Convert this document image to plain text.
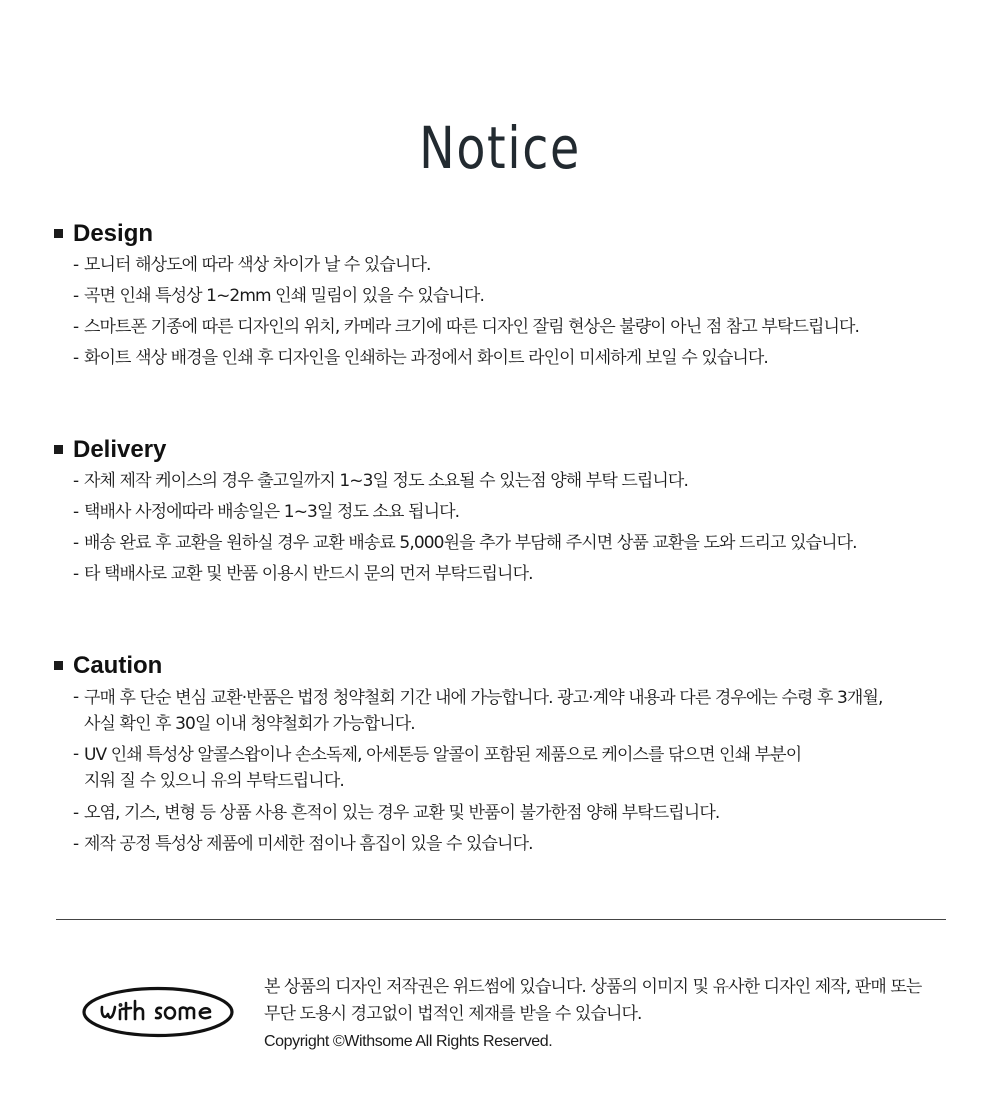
Notice
Design
- 모니터 해상도에 따라 색상 차이가 날 수 있습니다.
- 곡면 인쇄 특성상 1~2mm 인쇄 밀림이 있을 수 있습니다.
- 스마트폰 기종에 따른 디자인의 위치, 카메라 크기에 따른 디자인 잘림 현상은 불량이 아닌 점 참고 부탁드립니다.
- 화이트 색상 배경을 인쇄 후 디자인을 인쇄하는 과정에서 화이트 라인이 미세하게 보일 수 있습니다.
Delivery
- 자체 제작 케이스의 경우 출고일까지 1~3일 정도 소요될 수 있는점 양해 부탁 드립니다.
- 택배사 사정에따라 배송일은 1~3일 정도 소요 됩니다.
- 배송 완료 후 교환을 원하실 경우 교환 배송료 5,000원을 추가 부담해 주시면 상품 교환을 도와 드리고 있습니다.
- 타 택배사로 교환 및 반품 이용시 반드시 문의 먼저 부탁드립니다.
Caution
- 구매 후 단순 변심 교환·반품은 법정 청약철회 기간 내에 가능합니다. 광고·계약 내용과 다른 경우에는 수령 후 3개월,
사실 확인 후 30일 이내 청약철회가 가능합니다.
- UV 인쇄 특성상 알콜스왑이나 손소독제, 아세톤등 알콜이 포함된 제품으로 케이스를 닦으면 인쇄 부분이
지워 질 수 있으니 유의 부탁드립니다.
- 오염, 기스, 변형 등 상품 사용 흔적이 있는 경우 교환 및 반품이 불가한점 양해 부탁드립니다.
- 제작 공정 특성상 제품에 미세한 점이나 흠집이 있을 수 있습니다.
본 상품의 디자인 저작권은 위드썸에 있습니다. 상품의 이미지 및 유사한 디자인 제작, 판매 또는
무단 도용시 경고없이 법적인 제재를 받을 수 있습니다.
Copyright ©Withsome All Rights Reserved.
